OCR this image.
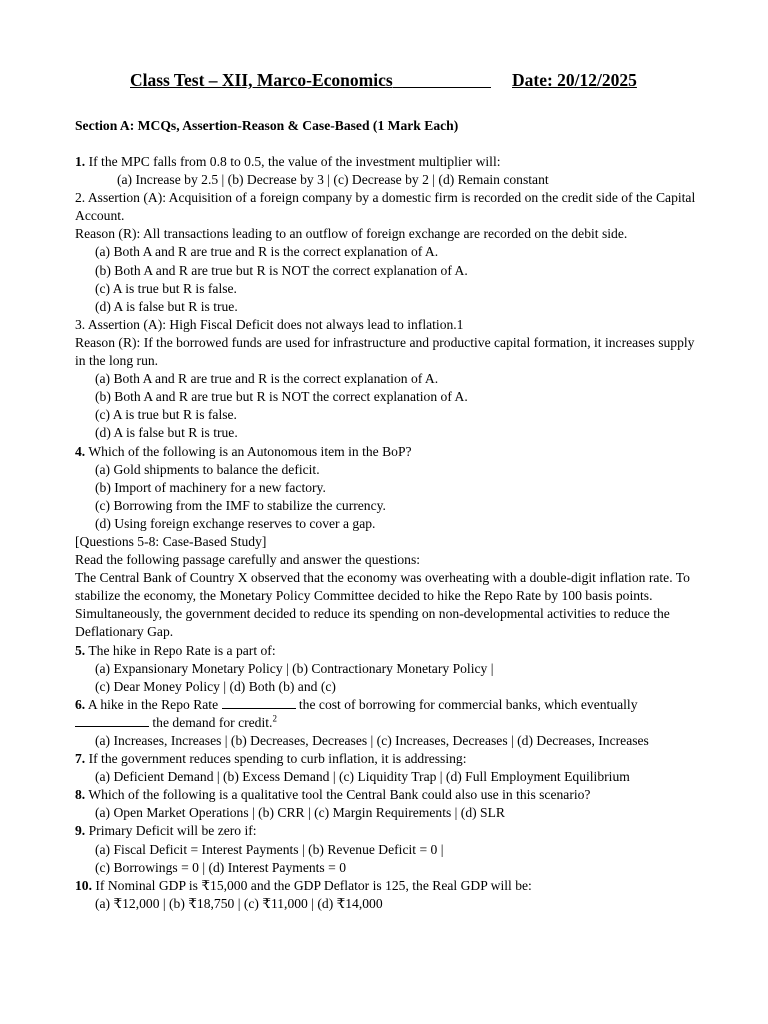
Class Test – XII, Marco-Economics	Date: 20/12/2025
Section A: MCQs, Assertion-Reason & Case-Based (1 Mark Each)
1. If the MPC falls from 0.8 to 0.5, the value of the investment multiplier will:
(a) Increase by 2.5 | (b) Decrease by 3 | (c) Decrease by 2 | (d) Remain constant
2. Assertion (A): Acquisition of a foreign company by a domestic firm is recorded on the credit side of the Capital Account.
Reason (R): All transactions leading to an outflow of foreign exchange are recorded on the debit side.
(a) Both A and R are true and R is the correct explanation of A.
(b) Both A and R are true but R is NOT the correct explanation of A.
(c) A is true but R is false.
(d) A is false but R is true.
3. Assertion (A): High Fiscal Deficit does not always lead to inflation.1
Reason (R): If the borrowed funds are used for infrastructure and productive capital formation, it increases supply in the long run.
(a) Both A and R are true and R is the correct explanation of A.
(b) Both A and R are true but R is NOT the correct explanation of A.
(c) A is true but R is false.
(d) A is false but R is true.
4. Which of the following is an Autonomous item in the BoP?
(a) Gold shipments to balance the deficit.
(b) Import of machinery for a new factory.
(c) Borrowing from the IMF to stabilize the currency.
(d) Using foreign exchange reserves to cover a gap.
[Questions 5-8: Case-Based Study]
Read the following passage carefully and answer the questions:
The Central Bank of Country X observed that the economy was overheating with a double-digit inflation rate. To stabilize the economy, the Monetary Policy Committee decided to hike the Repo Rate by 100 basis points. Simultaneously, the government decided to reduce its spending on non-developmental activities to reduce the Deflationary Gap.
5. The hike in Repo Rate is a part of:
(a) Expansionary Monetary Policy | (b) Contractionary Monetary Policy |
(c) Dear Money Policy | (d) Both (b) and (c)
6. A hike in the Repo Rate	the cost of borrowing for commercial banks, which eventually
the demand for credit.$^2$
(a) Increases, Increases | (b) Decreases, Decreases | (c) Increases, Decreases | (d) Decreases, Increases
7. If the government reduces spending to curb inflation, it is addressing:
(a) Deficient Demand | (b) Excess Demand | (c) Liquidity Trap | (d) Full Employment Equilibrium
8. Which of the following is a qualitative tool the Central Bank could also use in this scenario?
(a) Open Market Operations | (b) CRR | (c) Margin Requirements | (d) SLR
9. Primary Deficit will be zero if:
(a) Fiscal Deficit = Interest Payments | (b) Revenue Deficit = 0 |
(c) Borrowings = 0 | (d) Interest Payments = 0
10. If Nominal GDP is ₹15,000 and the GDP Deflator is 125, the Real GDP will be:
(a) ₹12,000 | (b) ₹18,750 | (c) ₹11,000 | (d) ₹14,000
